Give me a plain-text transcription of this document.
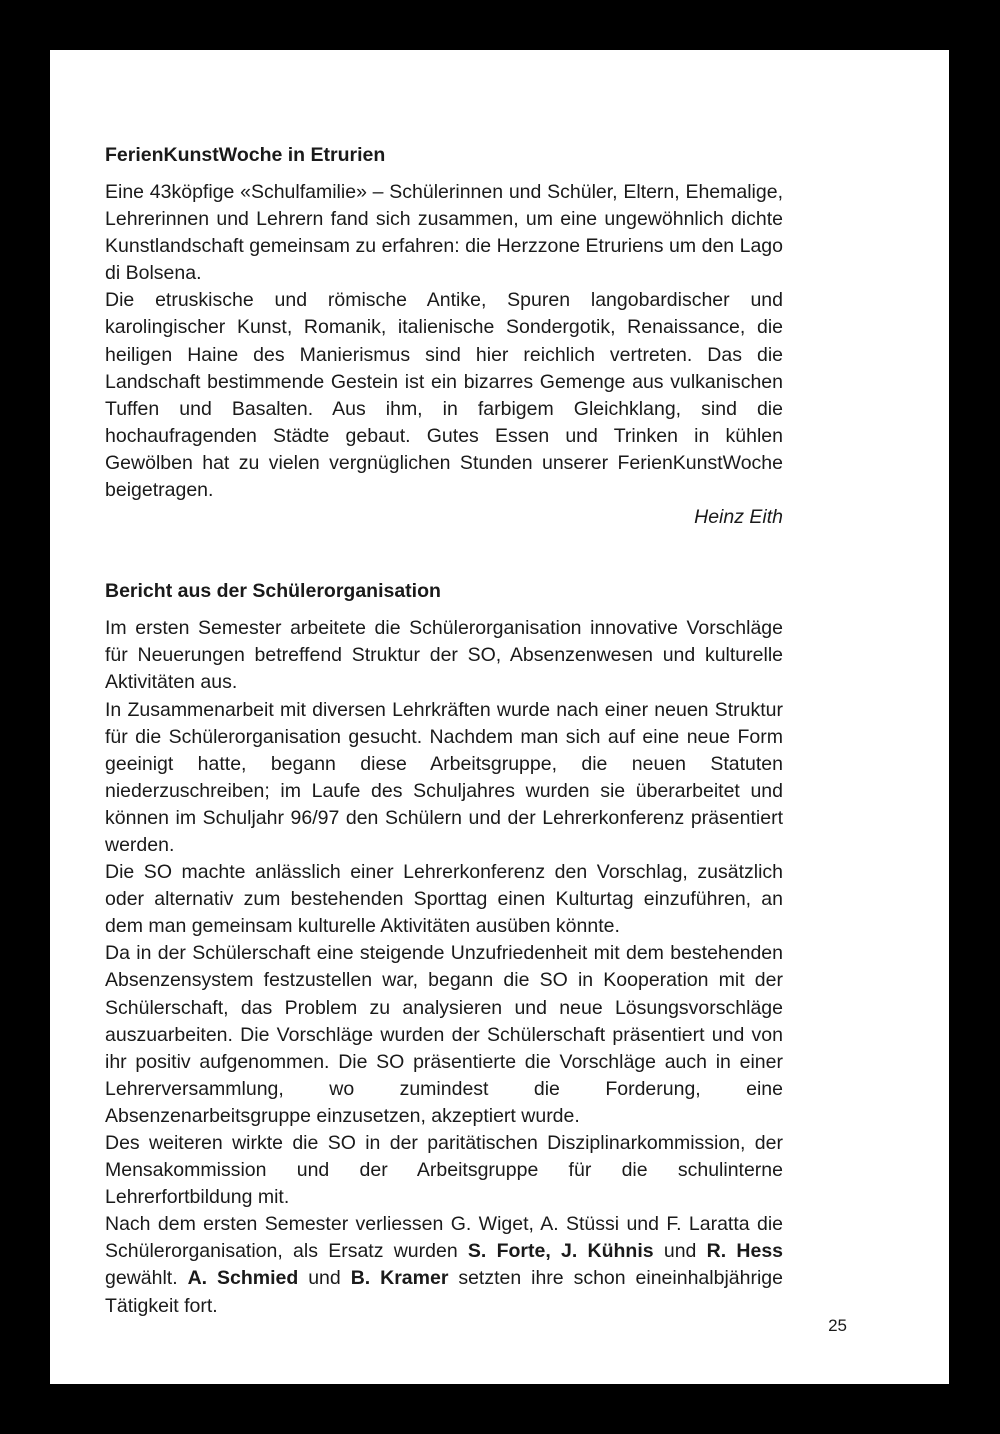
FerienKunstWoche in Etrurien

Eine 43köpfige «Schulfamilie» – Schülerinnen und Schüler, Eltern, Ehemalige, Lehrerinnen und Lehrern fand sich zusammen, um eine ungewöhnlich dichte Kunstlandschaft gemeinsam zu erfahren: die Herzzone Etruriens um den Lago di Bolsena.

Die etruskische und römische Antike, Spuren langobardischer und karolingischer Kunst, Romanik, italienische Sondergotik, Renaissance, die heiligen Haine des Manierismus sind hier reichlich vertreten. Das die Landschaft bestimmende Gestein ist ein bizarres Gemenge aus vulkanischen Tuffen und Basalten. Aus ihm, in farbigem Gleichklang, sind die hochaufragenden Städte gebaut. Gutes Essen und Trinken in kühlen Gewölben hat zu vielen vergnüglichen Stunden unserer FerienKunstWoche beigetragen.

Heinz Eith

Bericht aus der Schülerorganisation

Im ersten Semester arbeitete die Schülerorganisation innovative Vorschläge für Neuerungen betreffend Struktur der SO, Absenzenwesen und kulturelle Aktivitäten aus.

In Zusammenarbeit mit diversen Lehrkräften wurde nach einer neuen Struktur für die Schülerorganisation gesucht. Nachdem man sich auf eine neue Form geeinigt hatte, begann diese Arbeitsgruppe, die neuen Statuten niederzuschreiben; im Laufe des Schuljahres wurden sie überarbeitet und können im Schuljahr 96/97 den Schülern und der Lehrerkonferenz präsentiert werden.

Die SO machte anlässlich einer Lehrerkonferenz den Vorschlag, zusätzlich oder alternativ zum bestehenden Sporttag einen Kulturtag einzuführen, an dem man gemeinsam kulturelle Aktivitäten ausüben könnte.

Da in der Schülerschaft eine steigende Unzufriedenheit mit dem bestehenden Absenzensystem festzustellen war, begann die SO in Kooperation mit der Schülerschaft, das Problem zu analysieren und neue Lösungsvorschläge auszuarbeiten. Die Vorschläge wurden der Schülerschaft präsentiert und von ihr positiv aufgenommen. Die SO präsentierte die Vorschläge auch in einer Lehrerversammlung, wo zumindest die Forderung, eine Absenzenarbeitsgruppe einzusetzen, akzeptiert wurde.

Des weiteren wirkte die SO in der paritätischen Disziplinarkommission, der Mensakommission und der Arbeitsgruppe für die schulinterne Lehrerfortbildung mit.

Nach dem ersten Semester verliessen G. Wiget, A. Stüssi und F. Laratta die Schülerorganisation, als Ersatz wurden S. Forte, J. Kühnis und R. Hess gewählt. A. Schmied und B. Kramer setzten ihre schon eineinhalbjährige Tätigkeit fort.

25
